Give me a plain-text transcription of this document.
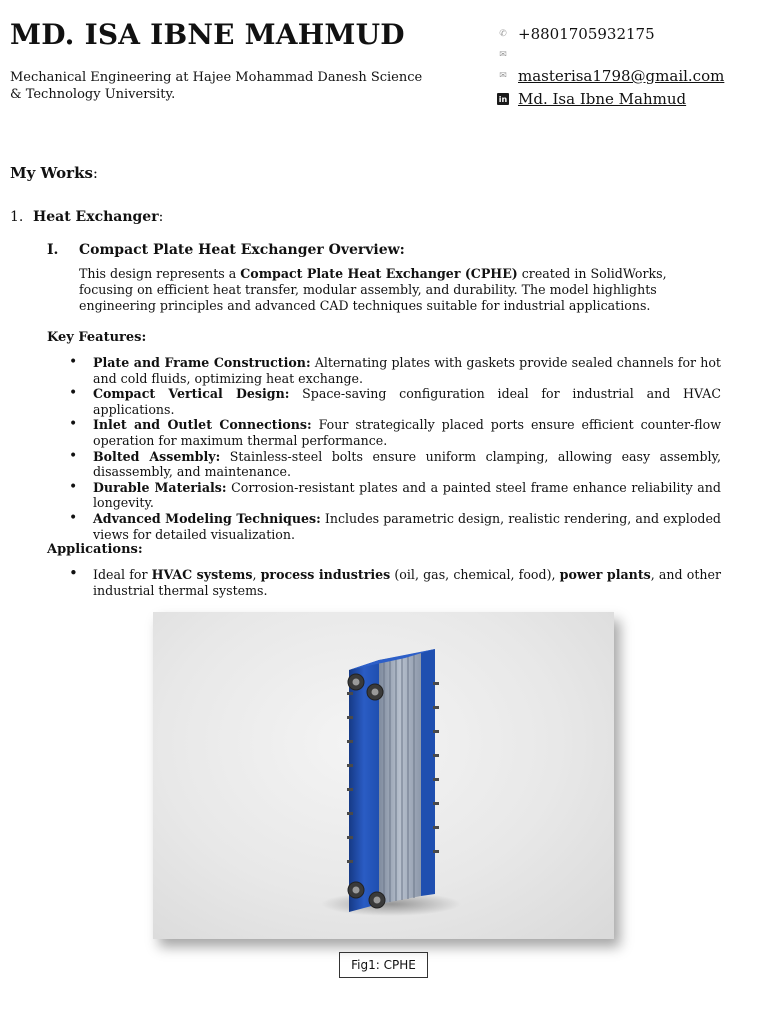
MD. ISA IBNE MAHMUD
Mechanical Engineering at Hajee Mohammad Danesh Science & Technology University.
✆ +8801705932175
✉
✉ masterisa1798@gmail.com
in Md. Isa Ibne Mahmud
My Works:
1. Heat Exchanger:
I. Compact Plate Heat Exchanger Overview:

This design represents a Compact Plate Heat Exchanger (CPHE) created in SolidWorks, focusing on efficient heat transfer, modular assembly, and durability. The model highlights engineering principles and advanced CAD techniques suitable for industrial applications.

Key Features:
• Plate and Frame Construction: Alternating plates with gaskets provide sealed channels for hot and cold fluids, optimizing heat exchange.
• Compact Vertical Design: Space-saving configuration ideal for industrial and HVAC applications.
• Inlet and Outlet Connections: Four strategically placed ports ensure efficient counter-flow operation for maximum thermal performance.
• Bolted Assembly: Stainless-steel bolts ensure uniform clamping, allowing easy assembly, disassembly, and maintenance.
• Durable Materials: Corrosion-resistant plates and a painted steel frame enhance reliability and longevity.
• Advanced Modeling Techniques: Includes parametric design, realistic rendering, and exploded views for detailed visualization.
Applications:
• Ideal for HVAC systems, process industries (oil, gas, chemical, food), power plants, and other industrial thermal systems.
Fig1: CPHE
